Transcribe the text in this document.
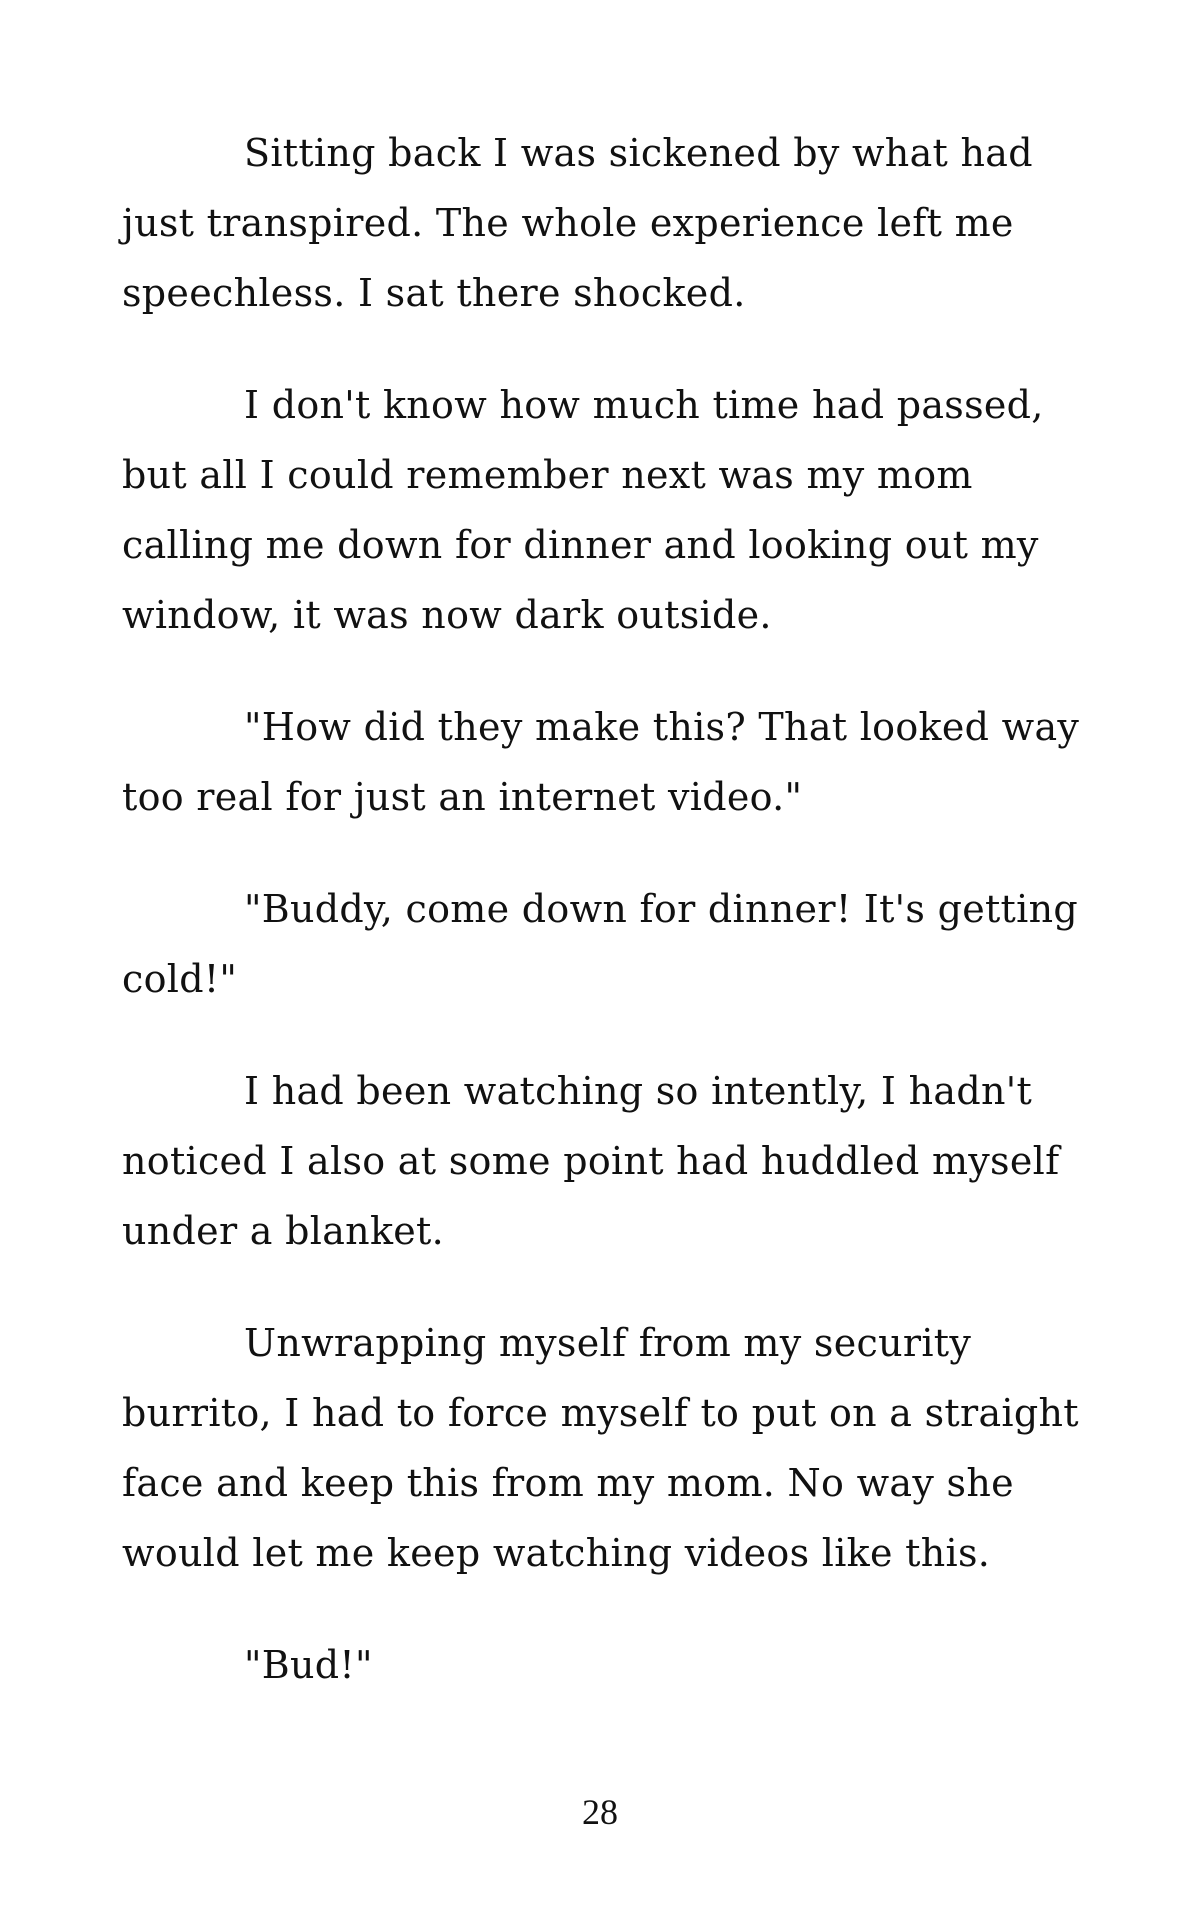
Sitting back I was sickened by what had just transpired. The whole experience left me speechless. I sat there shocked.

I don't know how much time had passed, but all I could remember next was my mom calling me down for dinner and looking out my window, it was now dark outside.

"How did they make this? That looked way too real for just an internet video."

"Buddy, come down for dinner! It's getting cold!"

I had been watching so intently, I hadn't noticed I also at some point had huddled myself under a blanket.

Unwrapping myself from my security burrito, I had to force myself to put on a straight face and keep this from my mom. No way she would let me keep watching videos like this.

"Bud!"

28
